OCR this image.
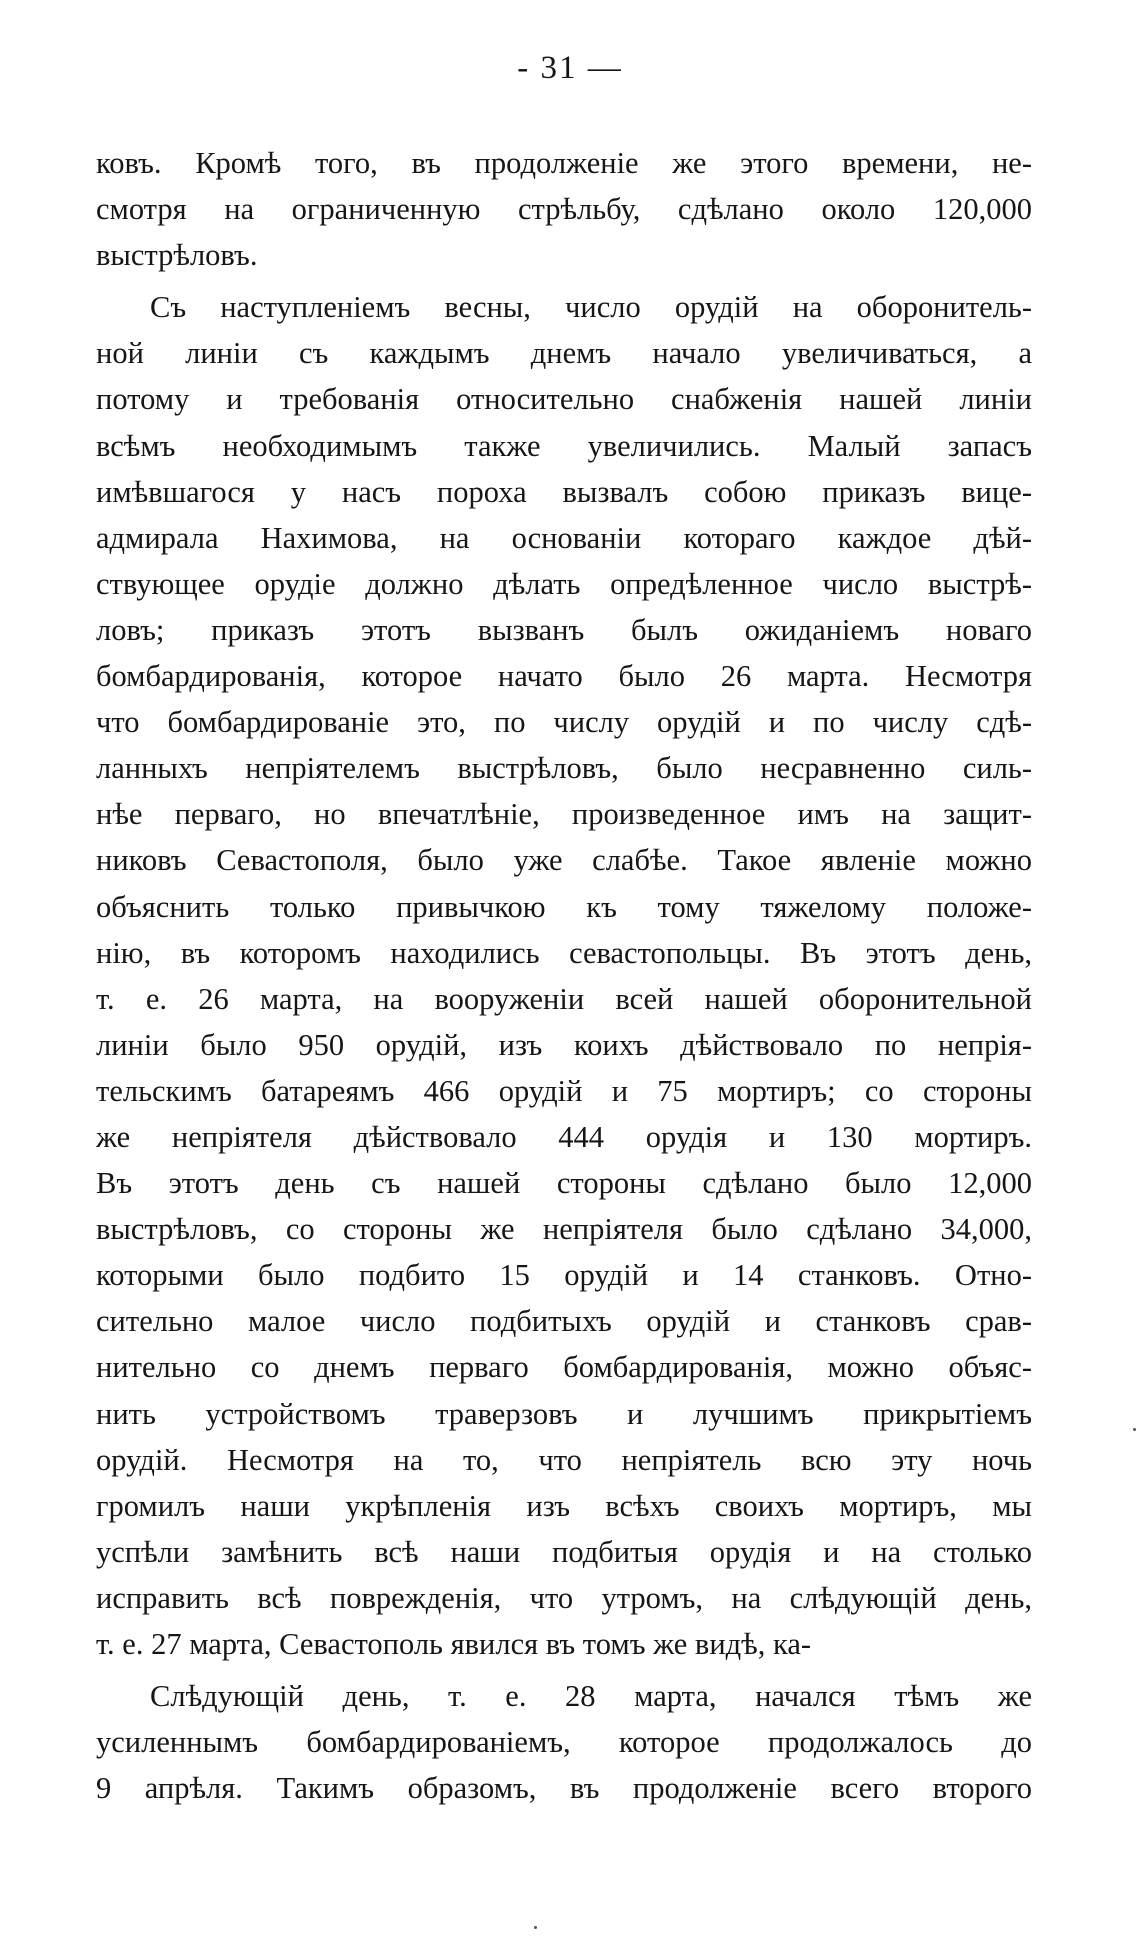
- 31 —
ковъ. Кромѣ того, въ продолженіе же этого времени, не-
смотря на ограниченную стрѣльбу, сдѣлано около 120,000
выстрѣловъ.
Съ наступленіемъ весны, число орудій на оборонитель-
ной линіи съ каждымъ днемъ начало увеличиваться, а
потому и требованія относительно снабженія нашей линіи
всѣмъ необходимымъ также увеличились. Малый запасъ
имѣвшагося у насъ пороха вызвалъ собою приказъ вице-
адмирала Нахимова, на основаніи котораго каждое дѣй-
ствующее орудіе должно дѣлать опредѣленное число выстрѣ-
ловъ; приказъ этотъ вызванъ былъ ожиданіемъ новаго
бомбардированія, которое начато было 26 марта. Несмотря
что бомбардированіе это, по числу орудій и по числу сдѣ-
ланныхъ непріятелемъ выстрѣловъ, было несравненно силь-
нѣе перваго, но впечатлѣніе, произведенное имъ на защит-
никовъ Севастополя, было уже слабѣе. Такое явленіе можно
объяснить только привычкою къ тому тяжелому положе-
нію, въ которомъ находились севастопольцы. Въ этотъ день,
т. е. 26 марта, на вооруженіи всей нашей оборонительной
линіи было 950 орудій, изъ коихъ дѣйствовало по непрія-
тельскимъ батареямъ 466 орудій и 75 мортиръ; со стороны
же непріятеля дѣйствовало 444 орудія и 130 мортиръ.
Въ этотъ день съ нашей стороны сдѣлано было 12,000
выстрѣловъ, со стороны же непріятеля было сдѣлано 34,000,
которыми было подбито 15 орудій и 14 станковъ. Отно-
сительно малое число подбитыхъ орудій и станковъ срав-
нительно со днемъ перваго бомбардированія, можно объяс-
нить устройствомъ траверзовъ и лучшимъ прикрытіемъ
орудій. Несмотря на то, что непріятель всю эту ночь
громилъ наши укрѣпленія изъ всѣхъ своихъ мортиръ, мы
успѣли замѣнить всѣ наши подбитыя орудія и на столько
исправить всѣ поврежденія, что утромъ, на слѣдующій день,
т. е. 27 марта, Севастополь явился въ томъ же видѣ, ка-
Слѣдующій день, т. е. 28 марта, начался тѣмъ же
усиленнымъ бомбардированіемъ, которое продолжалось до
9 апрѣля. Такимъ образомъ, въ продолженіе всего второго
